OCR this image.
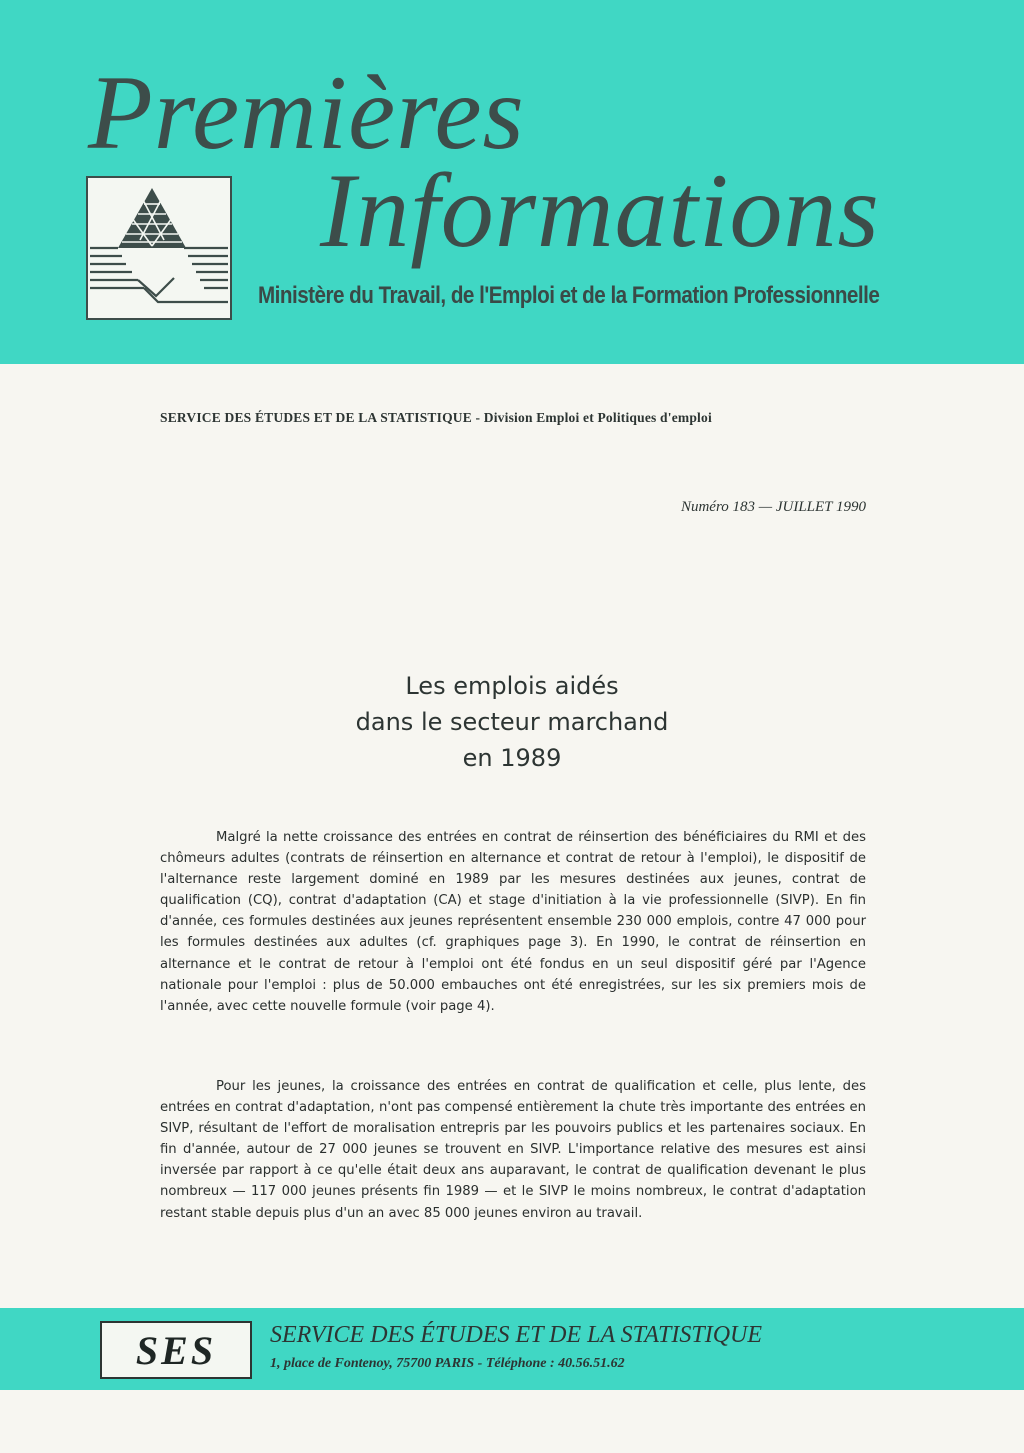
Premières
Informations
Ministère du Travail, de l'Emploi et de la Formation Professionnelle
SERVICE DES ÉTUDES ET DE LA STATISTIQUE - Division Emploi et Politiques d'emploi
Numéro 183 — JUILLET 1990
Les emplois aidés
dans le secteur marchand
en 1989

Malgré la nette croissance des entrées en contrat de réinsertion des bénéficiaires du RMI et des chômeurs adultes (contrats de réinsertion en alternance et contrat de retour à l'emploi), le dispositif de l'alternance reste largement dominé en 1989 par les mesures destinées aux jeunes, contrat de qualification (CQ), contrat d'adaptation (CA) et stage d'initiation à la vie professionnelle (SIVP). En fin d'année, ces formules destinées aux jeunes représentent ensemble 230 000 emplois, contre 47 000 pour les formules destinées aux adultes (cf. graphiques page 3). En 1990, le contrat de réinsertion en alternance et le contrat de retour à l'emploi ont été fondus en un seul dispositif géré par l'Agence nationale pour l'emploi : plus de 50.000 embauches ont été enregistrées, sur les six premiers mois de l'année, avec cette nouvelle formule (voir page 4).

Pour les jeunes, la croissance des entrées en contrat de qualification et celle, plus lente, des entrées en contrat d'adaptation, n'ont pas compensé entièrement la chute très importante des entrées en SIVP, résultant de l'effort de moralisation entrepris par les pouvoirs publics et les partenaires sociaux. En fin d'année, autour de 27 000 jeunes se trouvent en SIVP. L'importance relative des mesures est ainsi inversée par rapport à ce qu'elle était deux ans auparavant, le contrat de qualification devenant le plus nombreux — 117 000 jeunes présents fin 1989 — et le SIVP le moins nombreux, le contrat d'adaptation restant stable depuis plus d'un an avec 85 000 jeunes environ au travail.

SES SERVICE DES ÉTUDES ET DE LA STATISTIQUE
1, place de Fontenoy, 75700 PARIS - Téléphone : 40.56.51.62
